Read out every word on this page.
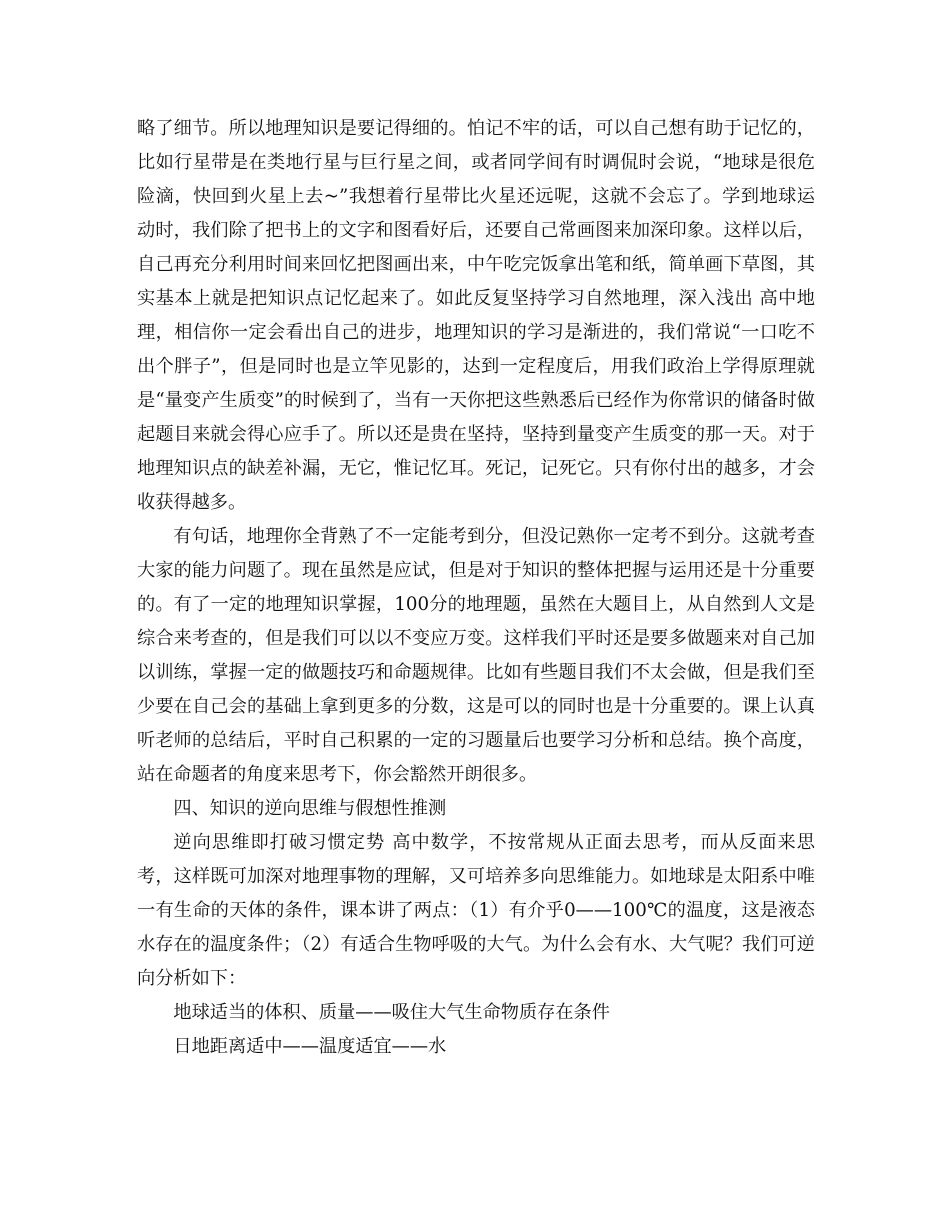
略了细节。所以地理知识是要记得细的。怕记不牢的话，可以自己想有助于记忆的，比如行星带是在类地行星与巨行星之间，或者同学间有时调侃时会说，“地球是很危险滴，快回到火星上去~”我想着行星带比火星还远呢，这就不会忘了。学到地球运动时，我们除了把书上的文字和图看好后，还要自己常画图来加深印象。这样以后，自己再充分利用时间来回忆把图画出来，中午吃完饭拿出笔和纸，简单画下草图，其实基本上就是把知识点记忆起来了。如此反复坚持学习自然地理，深入浅出 高中地理，相信你一定会看出自己的进步，地理知识的学习是渐进的，我们常说“一口吃不出个胖子”，但是同时也是立竿见影的，达到一定程度后，用我们政治上学得原理就是“量变产生质变”的时候到了，当有一天你把这些熟悉后已经作为你常识的储备时做起题目来就会得心应手了。所以还是贵在坚持，坚持到量变产生质变的那一天。对于地理知识点的缺差补漏，无它，惟记忆耳。死记，记死它。只有你付出的越多，才会收获得越多。

有句话，地理你全背熟了不一定能考到分，但没记熟你一定考不到分。这就考查大家的能力问题了。现在虽然是应试，但是对于知识的整体把握与运用还是十分重要的。有了一定的地理知识掌握，100分的地理题，虽然在大题目上，从自然到人文是综合来考查的，但是我们可以以不变应万变。这样我们平时还是要多做题来对自己加以训练，掌握一定的做题技巧和命题规律。比如有些题目我们不太会做，但是我们至少要在自己会的基础上拿到更多的分数，这是可以的同时也是十分重要的。课上认真听老师的总结后，平时自己积累的一定的习题量后也要学习分析和总结。换个高度，站在命题者的角度来思考下，你会豁然开朗很多。

四、知识的逆向思维与假想性推测

逆向思维即打破习惯定势 高中数学，不按常规从正面去思考，而从反面来思考，这样既可加深对地理事物的理解，又可培养多向思维能力。如地球是太阳系中唯一有生命的天体的条件，课本讲了两点：（1）有介乎0——100℃的温度，这是液态水存在的温度条件；（2）有适合生物呼吸的大气。为什么会有水、大气呢？我们可逆向分析如下：

地球适当的体积、质量——吸住大气生命物质存在条件

日地距离适中——温度适宜——水
